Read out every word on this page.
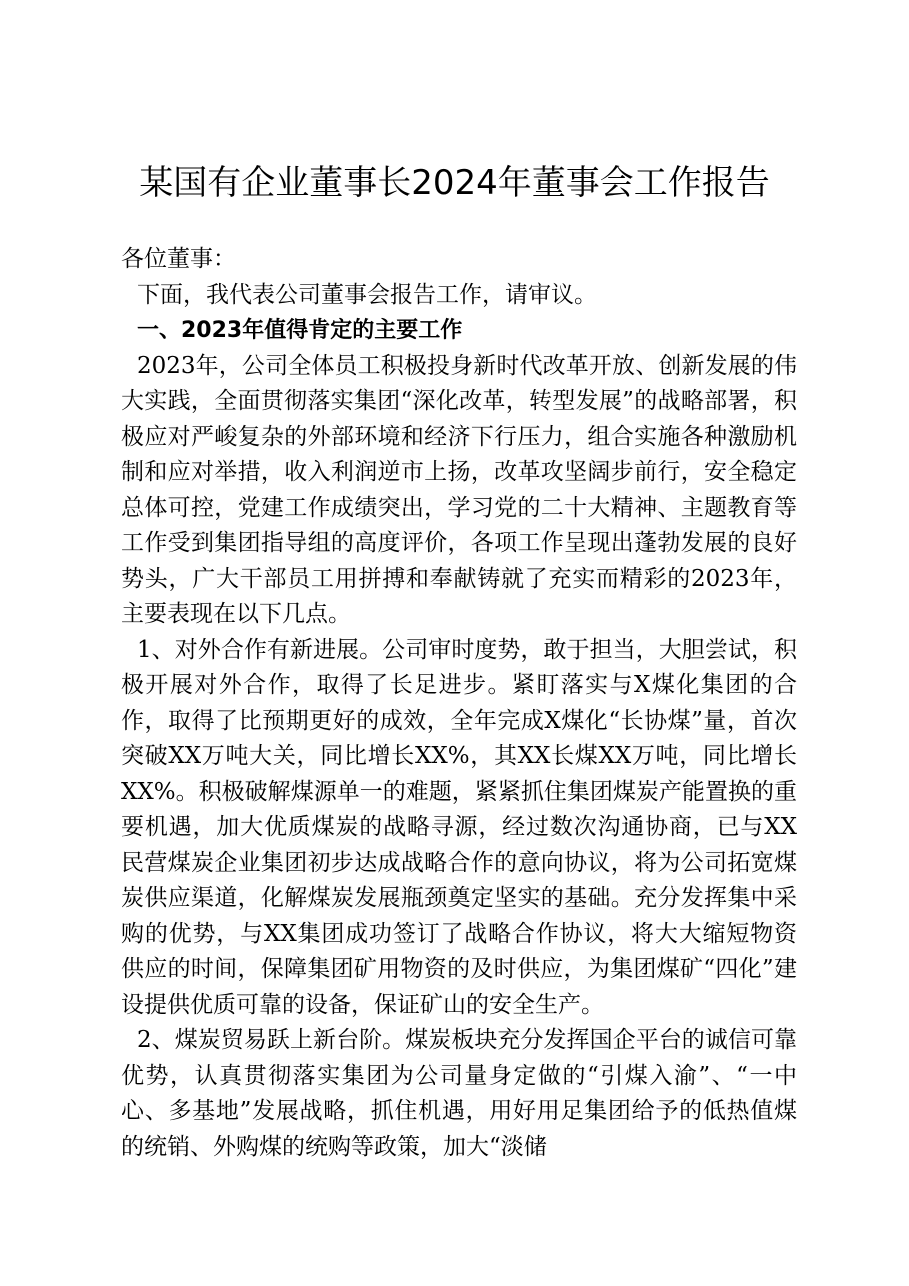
某国有企业董事长2024年董事会工作报告

各位董事：

下面，我代表公司董事会报告工作，请审议。

一、2023年值得肯定的主要工作

2023年，公司全体员工积极投身新时代改革开放、创新发展的伟大实践，全面贯彻落实集团“深化改革，转型发展”的战略部署，积极应对严峻复杂的外部环境和经济下行压力，组合实施各种激励机制和应对举措，收入利润逆市上扬，改革攻坚阔步前行，安全稳定总体可控，党建工作成绩突出，学习党的二十大精神、主题教育等工作受到集团指导组的高度评价，各项工作呈现出蓬勃发展的良好势头，广大干部员工用拼搏和奉献铸就了充实而精彩的2023年，主要表现在以下几点。

1、对外合作有新进展。公司审时度势，敢于担当，大胆尝试，积极开展对外合作，取得了长足进步。紧盯落实与X煤化集团的合作，取得了比预期更好的成效，全年完成X煤化“长协煤”量，首次突破XX万吨大关，同比增长XX%，其XX长煤XX万吨，同比增长XX%。积极破解煤源单一的难题，紧紧抓住集团煤炭产能置换的重要机遇，加大优质煤炭的战略寻源，经过数次沟通协商，已与XX民营煤炭企业集团初步达成战略合作的意向协议，将为公司拓宽煤炭供应渠道，化解煤炭发展瓶颈奠定坚实的基础。充分发挥集中采购的优势，与XX集团成功签订了战略合作协议，将大大缩短物资供应的时间，保障集团矿用物资的及时供应，为集团煤矿“四化”建设提供优质可靠的设备，保证矿山的安全生产。

2、煤炭贸易跃上新台阶。煤炭板块充分发挥国企平台的诚信可靠优势，认真贯彻落实集团为公司量身定做的“引煤入渝”、“一中心、多基地”发展战略，抓住机遇，用好用足集团给予的低热值煤的统销、外购煤的统购等政策，加大“淡储
